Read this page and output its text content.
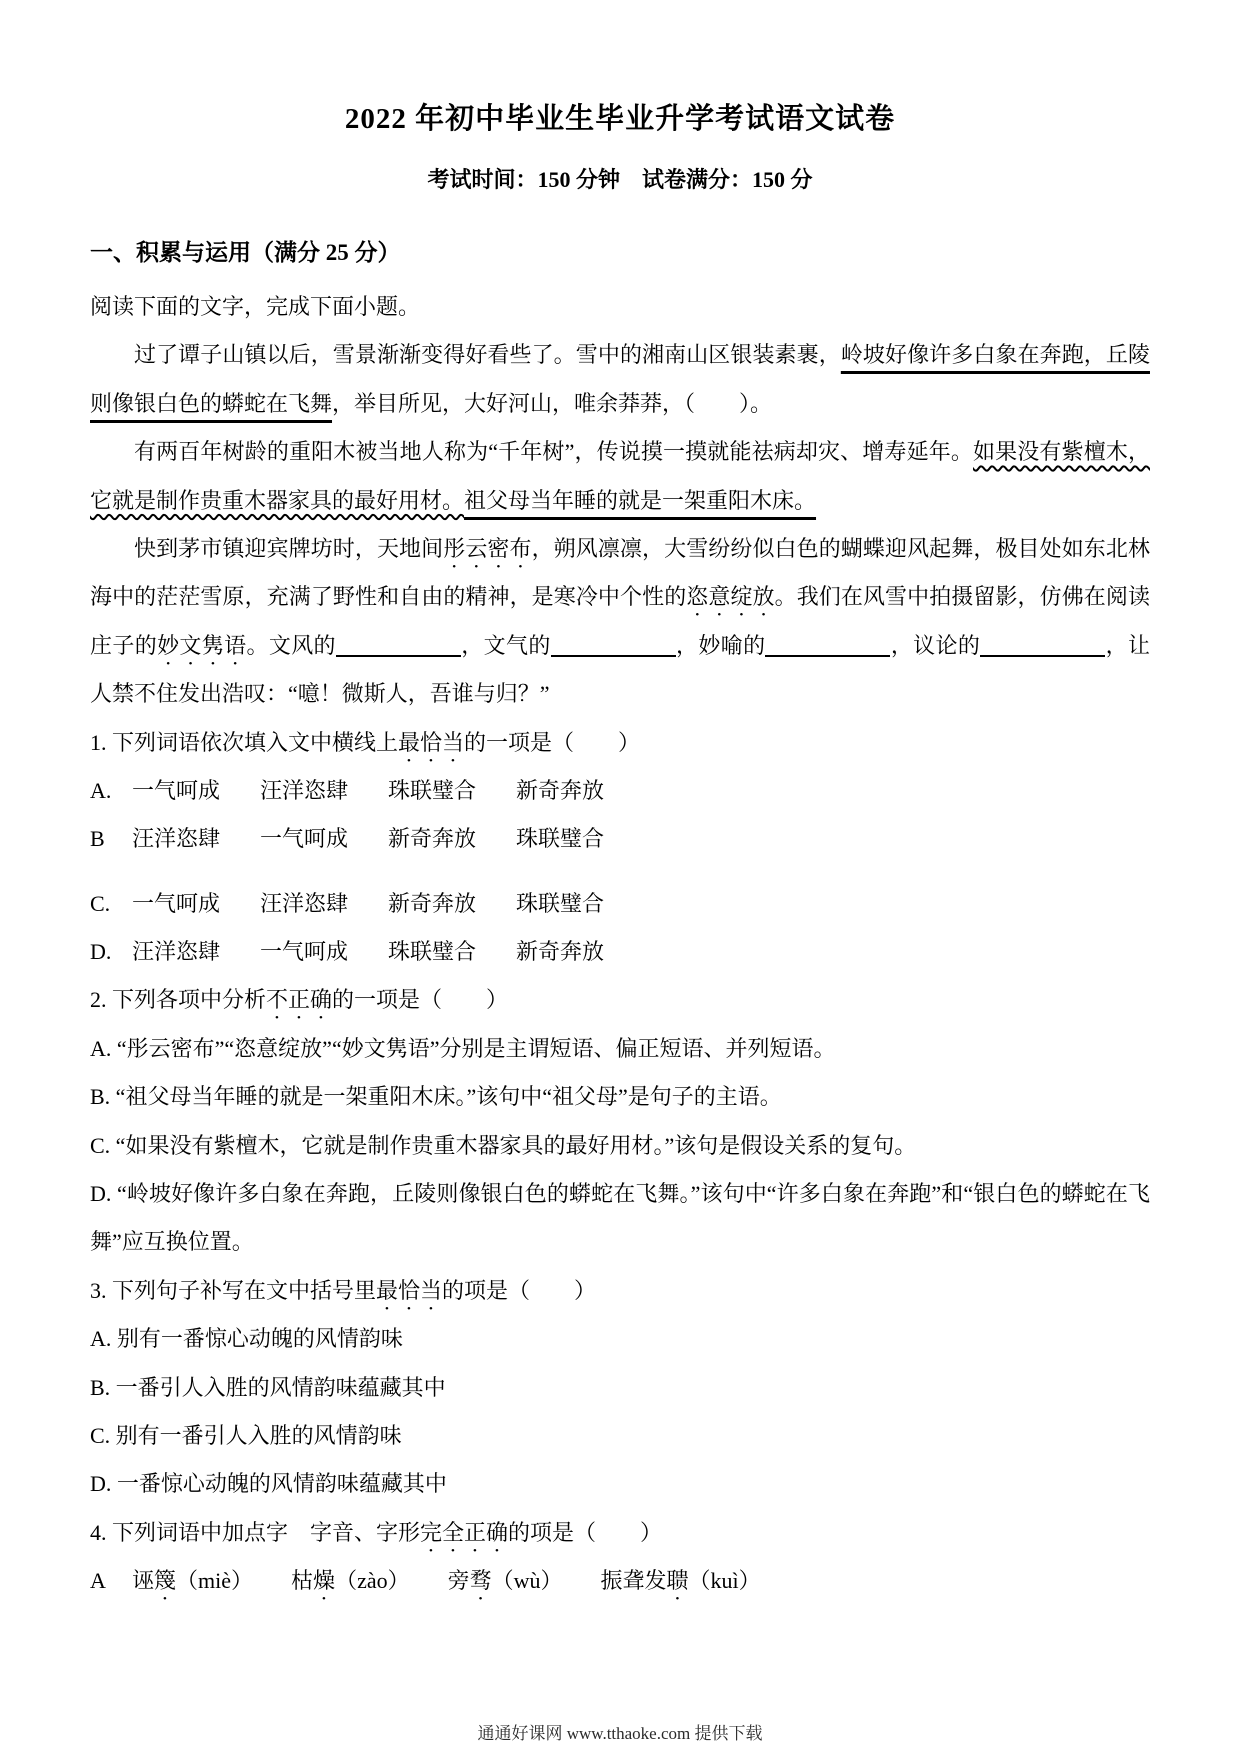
2022 年初中毕业生毕业升学考试语文试卷
考试时间：150 分钟　试卷满分：150 分
一、积累与运用（满分 25 分）
阅读下面的文字，完成下面小题。
过了谭子山镇以后，雪景渐渐变得好看些了。雪中的湘南山区银装素裹，岭坡好像许多白象在奔跑，丘陵则像银白色的蟒蛇在飞舞，举目所见，大好河山，唯余莽莽，（　　）。
有两百年树龄的重阳木被当地人称为“千年树”，传说摸一摸就能祛病却灾、增寿延年。如果没有紫檀木，它就是制作贵重木器家具的最好用材。祖父母当年睡的就是一架重阳木床。
快到茅市镇迎宾牌坊时，天地间彤云密布，朔风凛凛，大雪纷纷似白色的蝴蝶迎风起舞，极目处如东北林海中的茫茫雪原，充满了野性和自由的精神，是寒冷中个性的恣意绽放。我们在风雪中拍摄留影，仿佛在阅读庄子的妙文隽语。文风的	，文气的	，妙喻的	，议论的	，让人禁不住发出浩叹：“噫！微斯人，吾谁与归？”
1. 下列词语依次填入文中横线上最恰当的一项是（　　）
A. 一气呵成	汪洋恣肆	珠联璧合	新奇奔放
B	汪洋恣肆	一气呵成	新奇奔放	珠联璧合
C. 一气呵成	汪洋恣肆	新奇奔放	珠联璧合
D. 汪洋恣肆	一气呵成	珠联璧合	新奇奔放
2. 下列各项中分析不正确的一项是（　　）
A. “彤云密布”“恣意绽放”“妙文隽语”分别是主谓短语、偏正短语、并列短语。
B. “祖父母当年睡的就是一架重阳木床。”该句中“祖父母”是句子的主语。
C. “如果没有紫檀木，它就是制作贵重木器家具的最好用材。”该句是假设关系的复句。
D. “岭坡好像许多白象在奔跑，丘陵则像银白色的蟒蛇在飞舞。”该句中“许多白象在奔跑”和“银白色的蟒蛇在飞舞”应互换位置。
3. 下列句子补写在文中括号里最恰当的项是（　　）
A. 别有一番惊心动魄的风情韵味
B. 一番引人入胜的风情韵味蕴藏其中
C. 别有一番引人入胜的风情韵味
D. 一番惊心动魄的风情韵味蕴藏其中
4. 下列词语中加点字　字音、字形完全正确的项是（　　）
A	诬篾（miè） 枯燥（zào） 旁骛（wù） 振聋发聩（kuì）
通通好课网 www.tthaoke.com 提供下载
